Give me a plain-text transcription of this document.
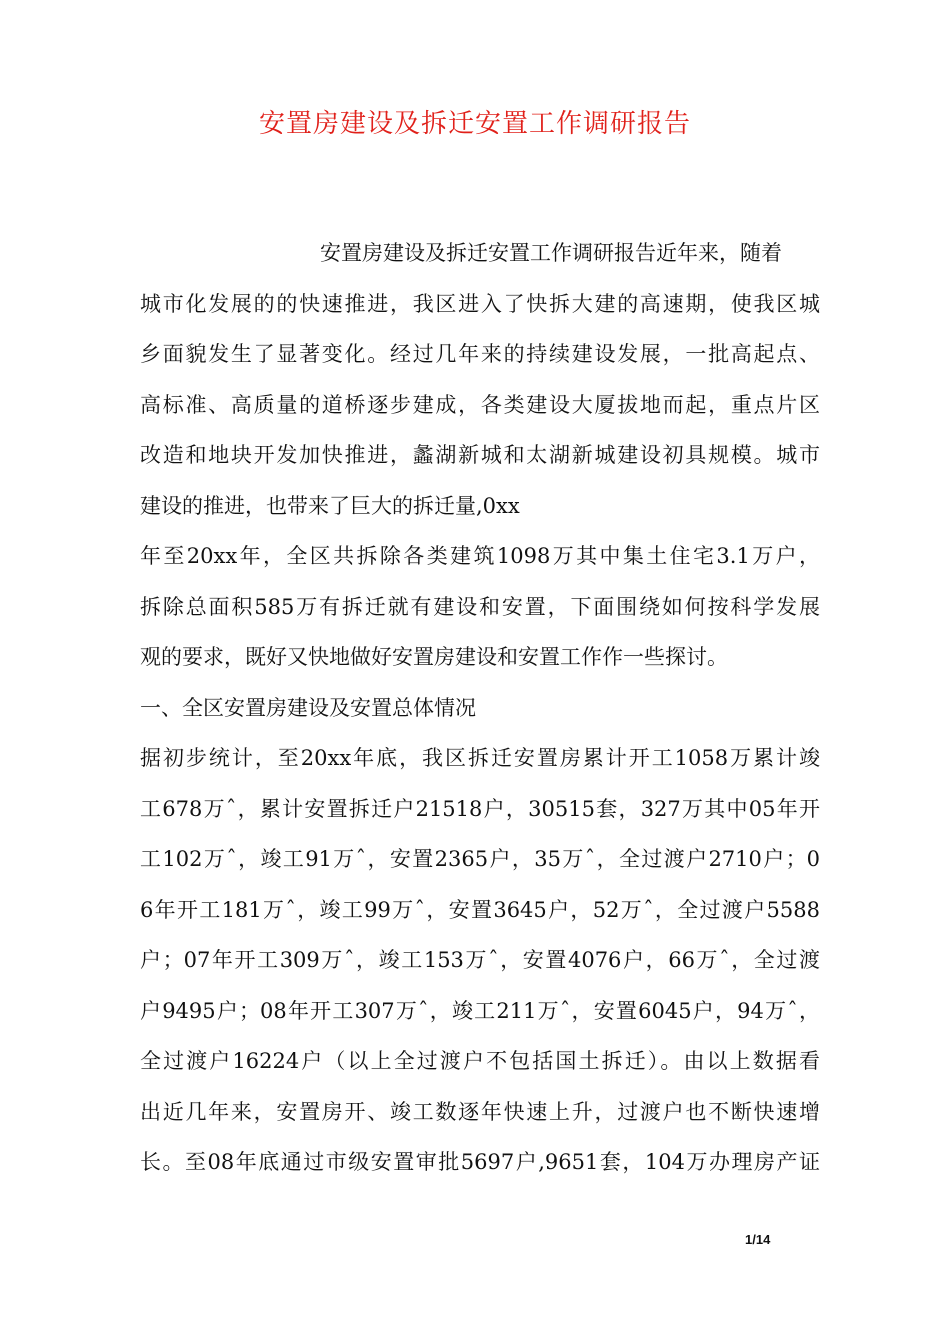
安置房建设及拆迁安置工作调研报告

安置房建设及拆迁安置工作调研报告近年来，随着

城市化发展的的快速推进，我区进入了快拆大建的高速期，使我区城

乡面貌发生了显著变化。经过几年来的持续建设发展，一批高起点、

高标准、高质量的道桥逐步建成，各类建设大厦拔地而起，重点片区

改造和地块开发加快推进，蠡湖新城和太湖新城建设初具规模。城市

建设的推进，也带来了巨大的拆迁量,0xx

年至20xx年，全区共拆除各类建筑1098万其中集土住宅3.1万户，

拆除总面积585万有拆迁就有建设和安置，下面围绕如何按科学发展

观的要求，既好又快地做好安置房建设和安置工作作一些探讨。

一、全区安置房建设及安置总体情况

据初步统计，至20xx年底，我区拆迁安置房累计开工1058万累计竣

工678万ˆ，累计安置拆迁户21518户，30515套，327万其中05年开

工102万ˆ，竣工91万ˆ，安置2365户，35万ˆ，全过渡户2710户；0

6年开工181万ˆ，竣工99万ˆ，安置3645户，52万ˆ，全过渡户5588

户；07年开工309万ˆ，竣工153万ˆ，安置4076户，66万ˆ，全过渡

户9495户；08年开工307万ˆ，竣工211万ˆ，安置6045户，94万ˆ，

全过渡户16224户（以上全过渡户不包括国土拆迁）。由以上数据看

出近几年来，安置房开、竣工数逐年快速上升，过渡户也不断快速增

长。至08年底通过市级安置审批5697户,9651套，104万办理房产证

1/14
